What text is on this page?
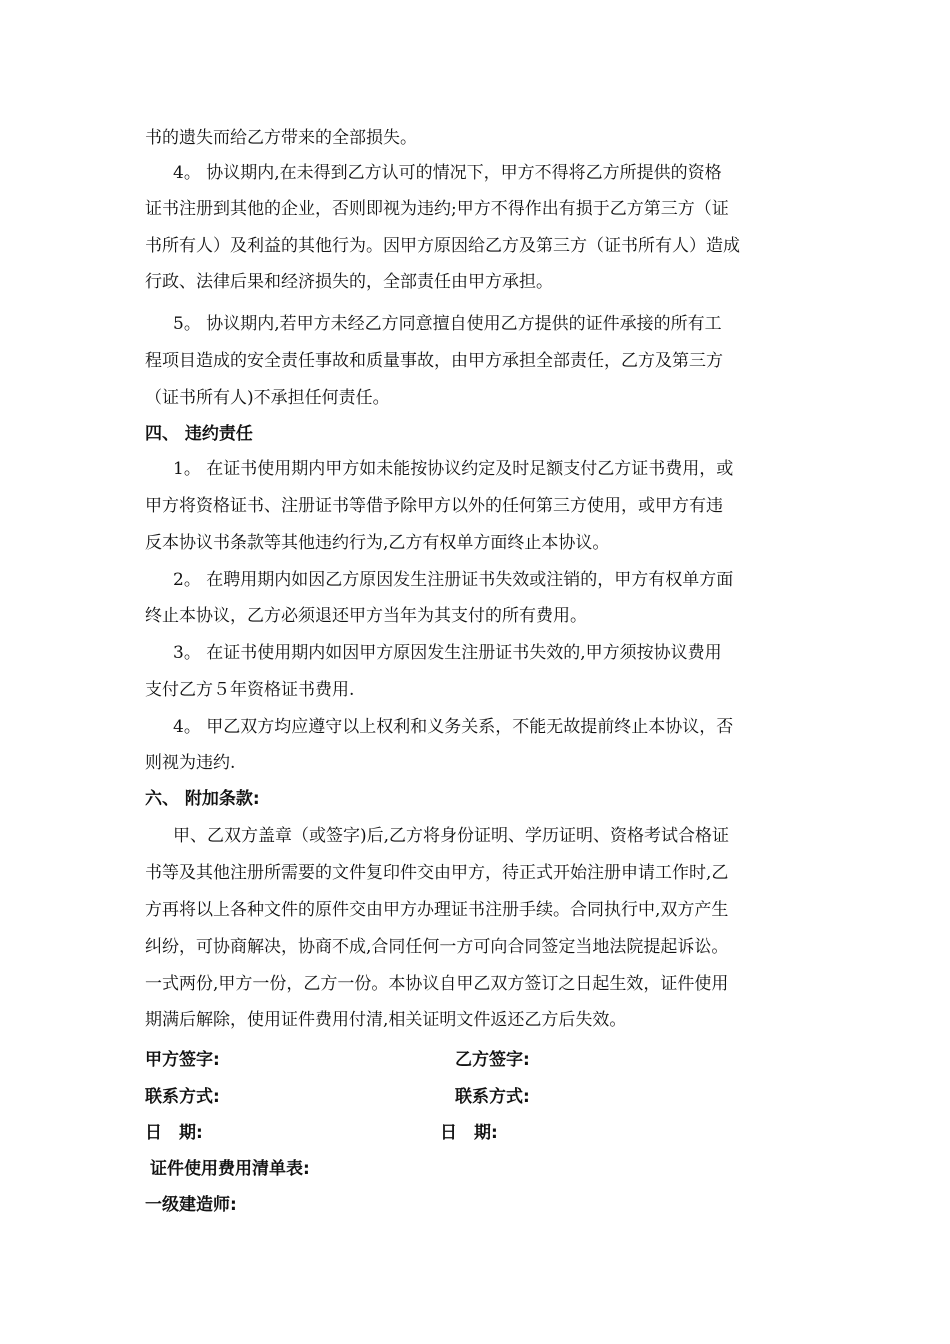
书的遗失而给乙方带来的全部损失。
4。 协议期内,在未得到乙方认可的情况下，甲方不得将乙方所提供的资格
证书注册到其他的企业，否则即视为违约;甲方不得作出有损于乙方第三方（证
书所有人）及利益的其他行为。因甲方原因给乙方及第三方（证书所有人）造成
行政、法律后果和经济损失的，全部责任由甲方承担。
5。 协议期内,若甲方未经乙方同意擅自使用乙方提供的证件承接的所有工
程项目造成的安全责任事故和质量事故，由甲方承担全部责任，乙方及第三方
（证书所有人)不承担任何责任。
四、 违约责任
1。 在证书使用期内甲方如未能按协议约定及时足额支付乙方证书费用，或
甲方将资格证书、注册证书等借予除甲方以外的任何第三方使用，或甲方有违
反本协议书条款等其他违约行为,乙方有权单方面终止本协议。
2。 在聘用期内如因乙方原因发生注册证书失效或注销的，甲方有权单方面
终止本协议，乙方必须退还甲方当年为其支付的所有费用。
3。 在证书使用期内如因甲方原因发生注册证书失效的,甲方须按协议费用
支付乙方５年资格证书费用.
4。 甲乙双方均应遵守以上权利和义务关系，不能无故提前终止本协议，否
则视为违约.
六、 附加条款:
甲、乙双方盖章（或签字)后,乙方将身份证明、学历证明、资格考试合格证
书等及其他注册所需要的文件复印件交由甲方，待正式开始注册申请工作时,乙
方再将以上各种文件的原件交由甲方办理证书注册手续。合同执行中,双方产生
纠纷，可协商解决，协商不成,合同任何一方可向合同签定当地法院提起诉讼。
一式两份,甲方一份，乙方一份。本协议自甲乙双方签订之日起生效，证件使用
期满后解除，使用证件费用付清,相关证明文件返还乙方后失效。
甲方签字:	乙方签字:
联系方式:	联系方式:
日　期:	日　期:
证件使用费用清单表:
一级建造师:
